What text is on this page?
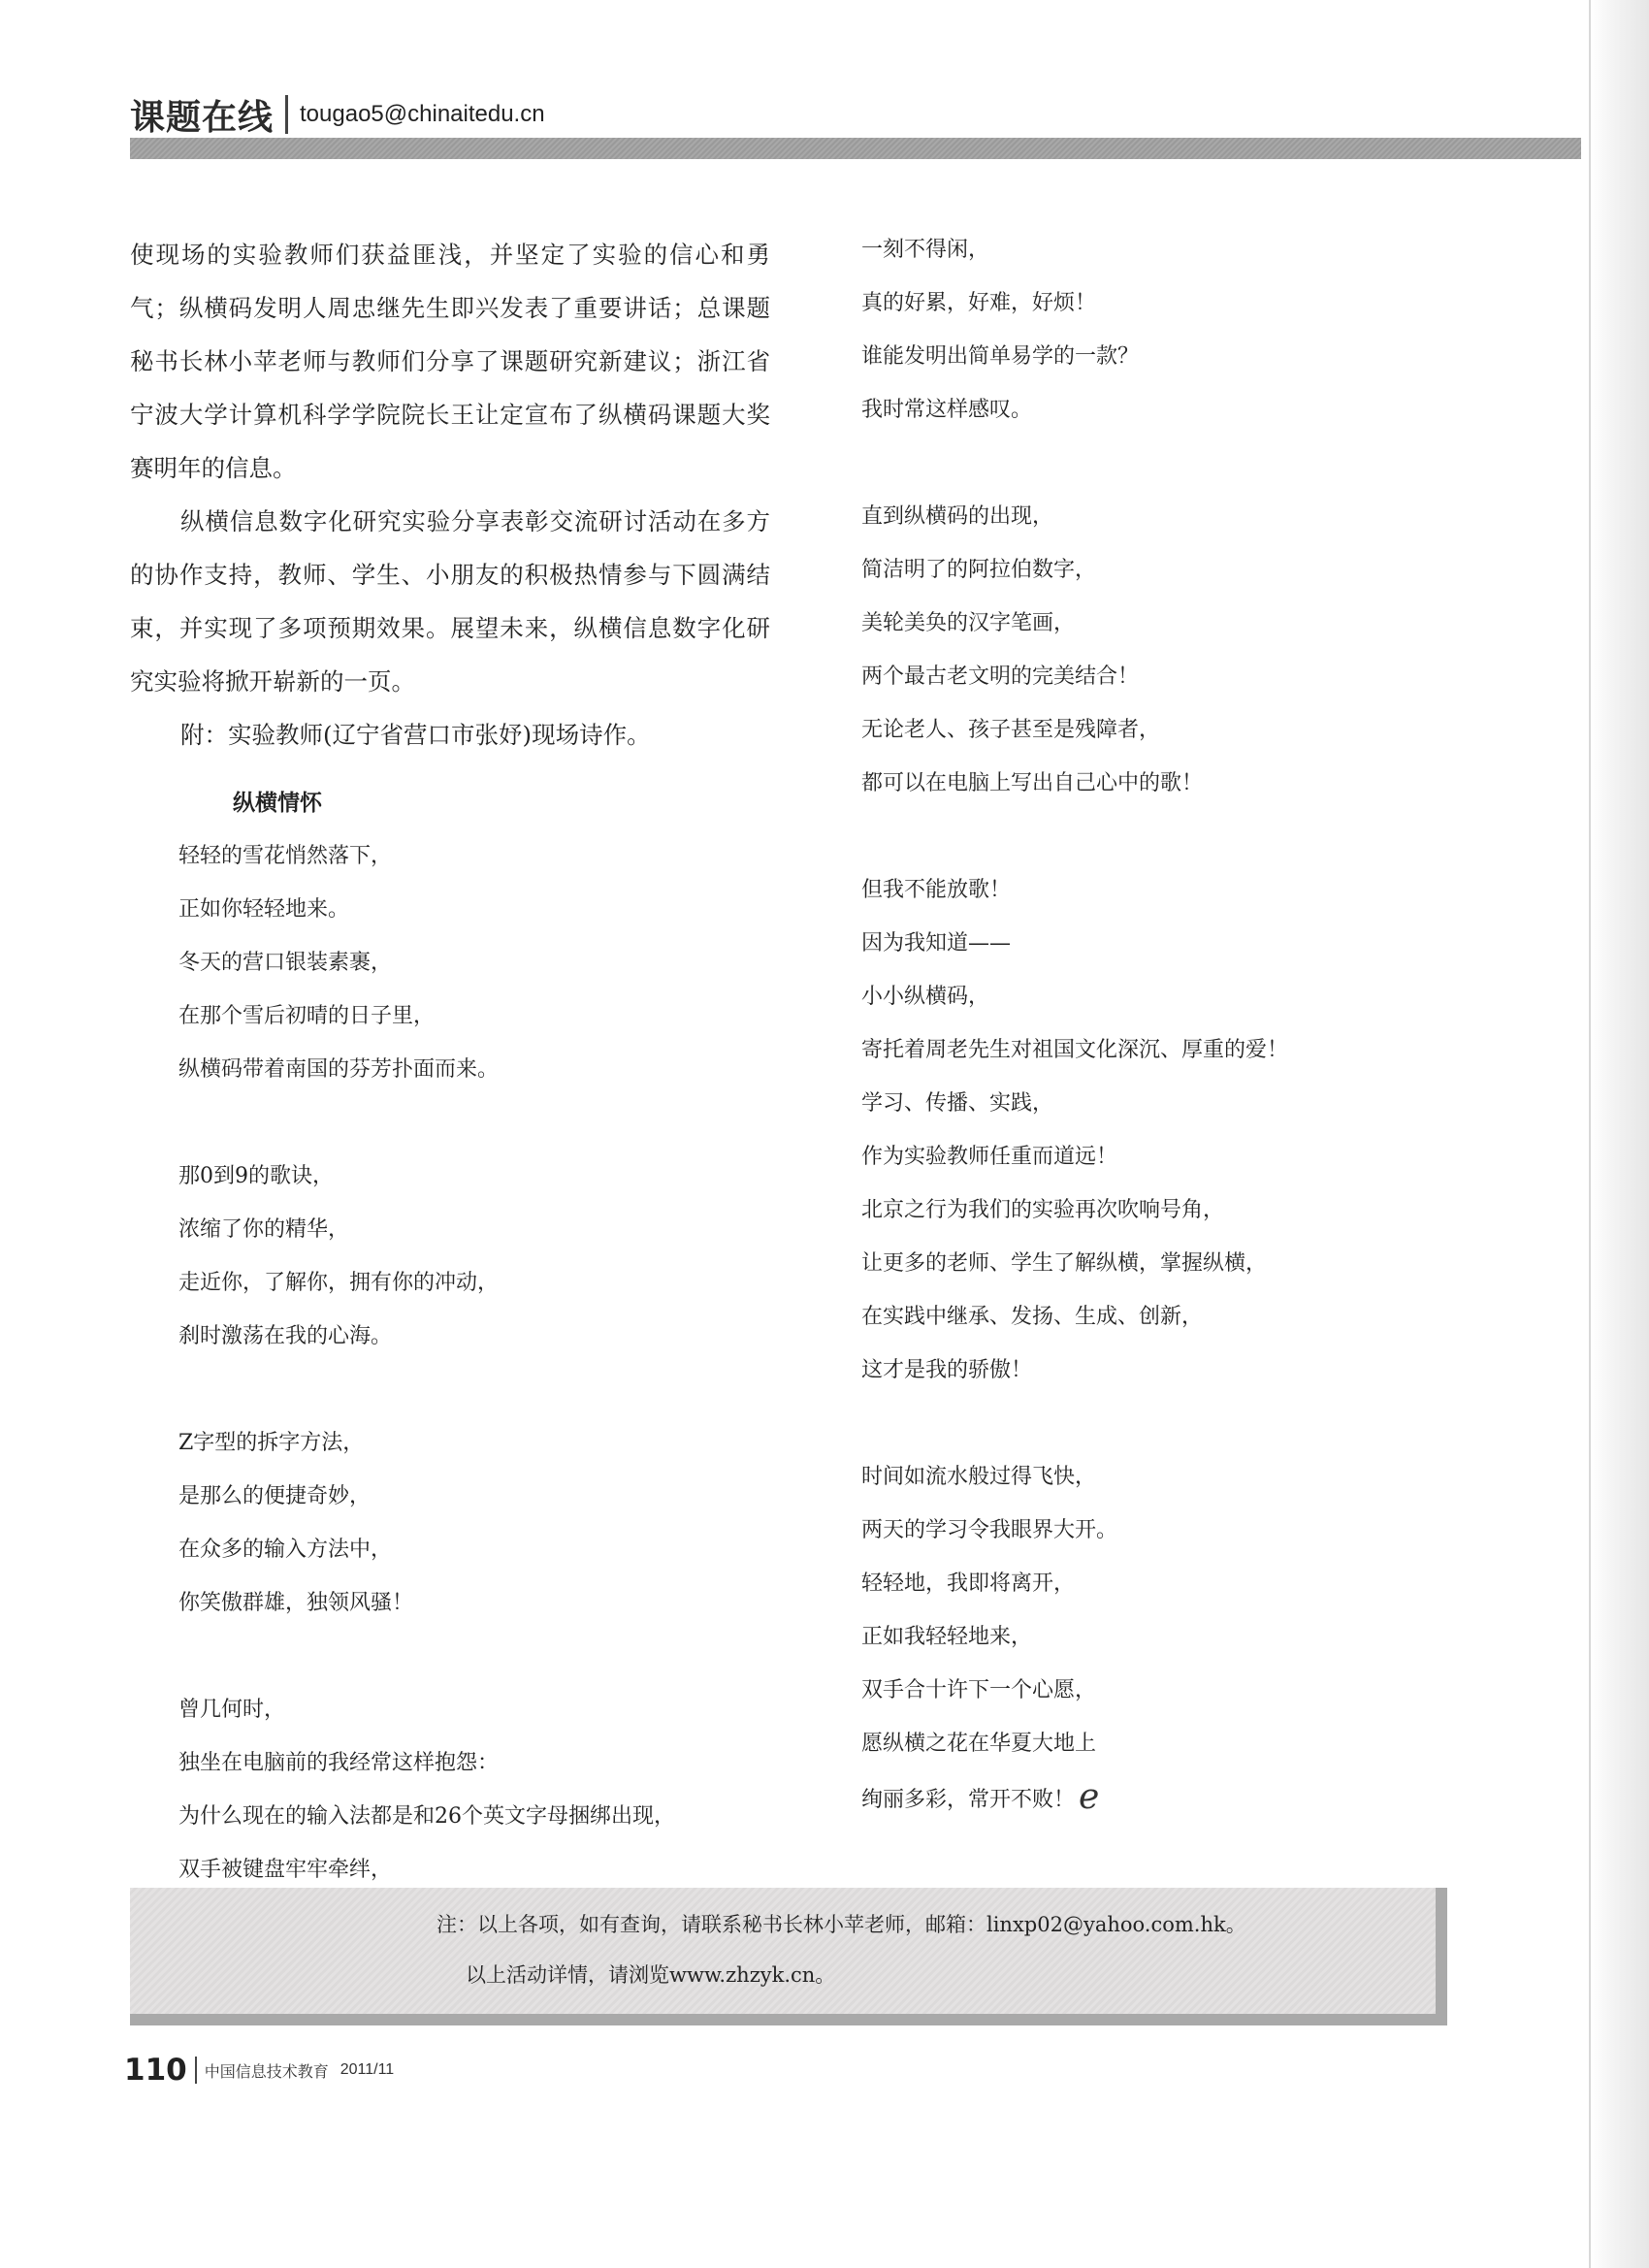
课题在线 tougao5@chinaitedu.cn

使现场的实验教师们获益匪浅，并坚定了实验的信心和勇气；纵横码发明人周忠继先生即兴发表了重要讲话；总课题秘书长林小苹老师与教师们分享了课题研究新建议；浙江省宁波大学计算机科学学院院长王让定宣布了纵横码课题大奖赛明年的信息。

纵横信息数字化研究实验分享表彰交流研讨活动在多方的协作支持，教师、学生、小朋友的积极热情参与下圆满结束，并实现了多项预期效果。展望未来，纵横信息数字化研究实验将掀开崭新的一页。

附：实验教师(辽宁省营口市张妤)现场诗作。

纵横情怀

轻轻的雪花悄然落下，

正如你轻轻地来。

冬天的营口银装素裹，

在那个雪后初晴的日子里，

纵横码带着南国的芬芳扑面而来。

那0到9的歌诀，

浓缩了你的精华，

走近你，了解你，拥有你的冲动，

刹时激荡在我的心海。

Z字型的拆字方法，

是那么的便捷奇妙，

在众多的输入方法中，

你笑傲群雄，独领风骚！

曾几何时，

独坐在电脑前的我经常这样抱怨：

为什么现在的输入法都是和26个英文字母捆绑出现，

双手被键盘牢牢牵绊，

一刻不得闲，

真的好累，好难，好烦！

谁能发明出简单易学的一款？

我时常这样感叹。

直到纵横码的出现，

简洁明了的阿拉伯数字，

美轮美奂的汉字笔画，

两个最古老文明的完美结合！

无论老人、孩子甚至是残障者，

都可以在电脑上写出自己心中的歌！

但我不能放歌！

因为我知道——

小小纵横码，

寄托着周老先生对祖国文化深沉、厚重的爱！

学习、传播、实践，

作为实验教师任重而道远！

北京之行为我们的实验再次吹响号角，

让更多的老师、学生了解纵横，掌握纵横，

在实践中继承、发扬、生成、创新，

这才是我的骄傲！

时间如流水般过得飞快，

两天的学习令我眼界大开。

轻轻地，我即将离开，

正如我轻轻地来，

双手合十许下一个心愿，

愿纵横之花在华夏大地上

绚丽多彩，常开不败！ e

注：以上各项，如有查询，请联系秘书长林小苹老师，邮箱：linxp02@yahoo.com.hk。
以上活动详情，请浏览www.zhzyk.cn。
110 中国信息技术教育 2011/11
